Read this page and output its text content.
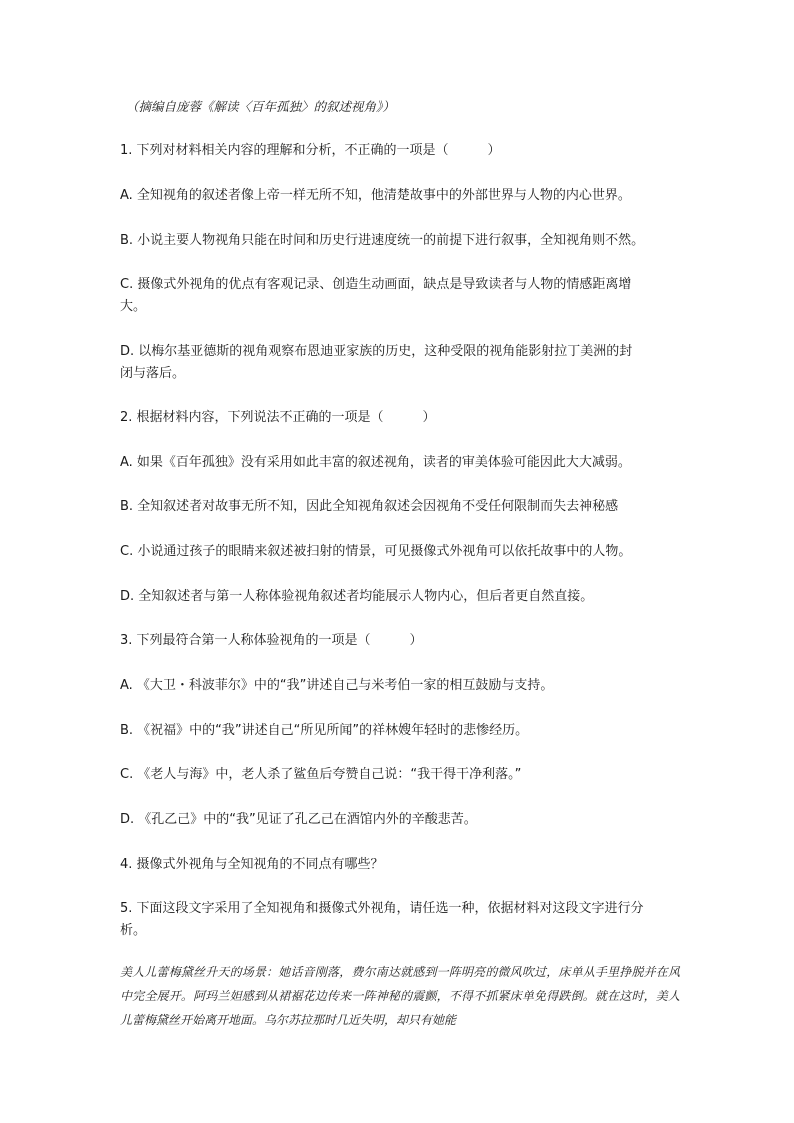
（摘编自庞蓉《解读〈百年孤独〉的叙述视角》）
1. 下列对材料相关内容的理解和分析，不正确的一项是（　　　）
A. 全知视角的叙述者像上帝一样无所不知，他清楚故事中的外部世界与人物的内心世界。
B. 小说主要人物视角只能在时间和历史行进速度统一的前提下进行叙事，全知视角则不然。
C. 摄像式外视角的优点有客观记录、创造生动画面，缺点是导致读者与人物的情感距离增
大。
D. 以梅尔基亚德斯的视角观察布恩迪亚家族的历史，这种受限的视角能影射拉丁美洲的封
闭与落后。
2. 根据材料内容，下列说法不正确的一项是（　　　）
A. 如果《百年孤独》没有采用如此丰富的叙述视角，读者的审美体验可能因此大大减弱。
B. 全知叙述者对故事无所不知，因此全知视角叙述会因视角不受任何限制而失去神秘感
C. 小说通过孩子的眼睛来叙述被扫射的情景，可见摄像式外视角可以依托故事中的人物。
D. 全知叙述者与第一人称体验视角叙述者均能展示人物内心，但后者更自然直接。
3. 下列最符合第一人称体验视角的一项是（　　　）
A. 《大卫・科波菲尔》中的“我”讲述自己与米考伯一家的相互鼓励与支持。
B. 《祝福》中的“我”讲述自己“所见所闻”的祥林嫂年轻时的悲惨经历。
C. 《老人与海》中，老人杀了鲨鱼后夸赞自己说：“我干得干净利落。”
D. 《孔乙己》中的“我”见证了孔乙己在酒馆内外的辛酸悲苦。
4. 摄像式外视角与全知视角的不同点有哪些？
5. 下面这段文字采用了全知视角和摄像式外视角，请任选一种，依据材料对这段文字进行分
析。
美人儿蕾梅黛丝升天的场景：她话音刚落，费尔南达就感到一阵明亮的微风吹过，床单从手里挣脱并在风中完全展开。阿玛兰妲感到从裙裾花边传来一阵神秘的震颤，不得不抓紧床单免得跌倒。就在这时，美人儿蕾梅黛丝开始离开地面。乌尔苏拉那时几近失明，却只有她能
